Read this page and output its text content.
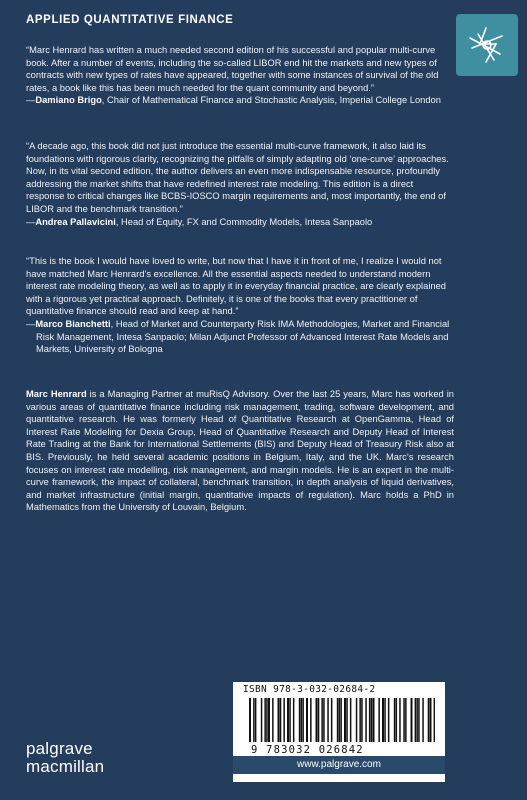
APPLIED QUANTITATIVE FINANCE

“Marc Henrard has written a much needed second edition of his successful and popular multi-curve book. After a number of events, including the so-called LIBOR end hit the markets and new types of contracts with new types of rates have appeared, together with some instances of survival of the old rates, a book like this has been much needed for the quant community and beyond.”

—Damiano Brigo, Chair of Mathematical Finance and Stochastic Analysis, Imperial College London

“A decade ago, this book did not just introduce the essential multi-curve framework, it also laid its foundations with rigorous clarity, recognizing the pitfalls of simply adapting old ‘one-curve’ approaches. Now, in its vital second edition, the author delivers an even more indispensable resource, profoundly addressing the market shifts that have redefined interest rate modeling. This edition is a direct response to critical changes like BCBS-IOSCO margin requirements and, most importantly, the end of LIBOR and the benchmark transition.”

—Andrea Pallavicini, Head of Equity, FX and Commodity Models, Intesa Sanpaolo

“This is the book I would have loved to write, but now that I have it in front of me, I realize I would not have matched Marc Henrard’s excellence. All the essential aspects needed to understand modern interest rate modeling theory, as well as to apply it in everyday financial practice, are clearly explained with a rigorous yet practical approach. Definitely, it is one of the books that every practitioner of quantitative finance should read and keep at hand.”

—Marco Bianchetti, Head of Market and Counterparty Risk IMA Methodologies, Market and Financial Risk Management, Intesa Sanpaolo; Milan Adjunct Professor of Advanced Interest Rate Models and Markets, University of Bologna

Marc Henrard is a Managing Partner at muRisQ Advisory. Over the last 25 years, Marc has worked in various areas of quantitative finance including risk management, trading, software development, and quantitative research. He was formerly Head of Quantitative Research at OpenGamma, Head of Interest Rate Modeling for Dexia Group, Head of Quantitative Research and Deputy Head of Interest Rate Trading at the Bank for International Settlements (BIS) and Deputy Head of Treasury Risk also at BIS. Previously, he held several academic positions in Belgium, Italy, and the UK. Marc’s research focuses on interest rate modelling, risk management, and margin models. He is an expert in the multi-curve framework, the impact of collateral, benchmark transition, in depth analysis of liquid derivatives, and market infrastructure (initial margin, quantitative impacts of regulation). Marc holds a PhD in Mathematics from the University of Louvain, Belgium.

palgrave
macmillan
ISBN 978-3-032-02684-2
9 783032 026842
www.palgrave.com
